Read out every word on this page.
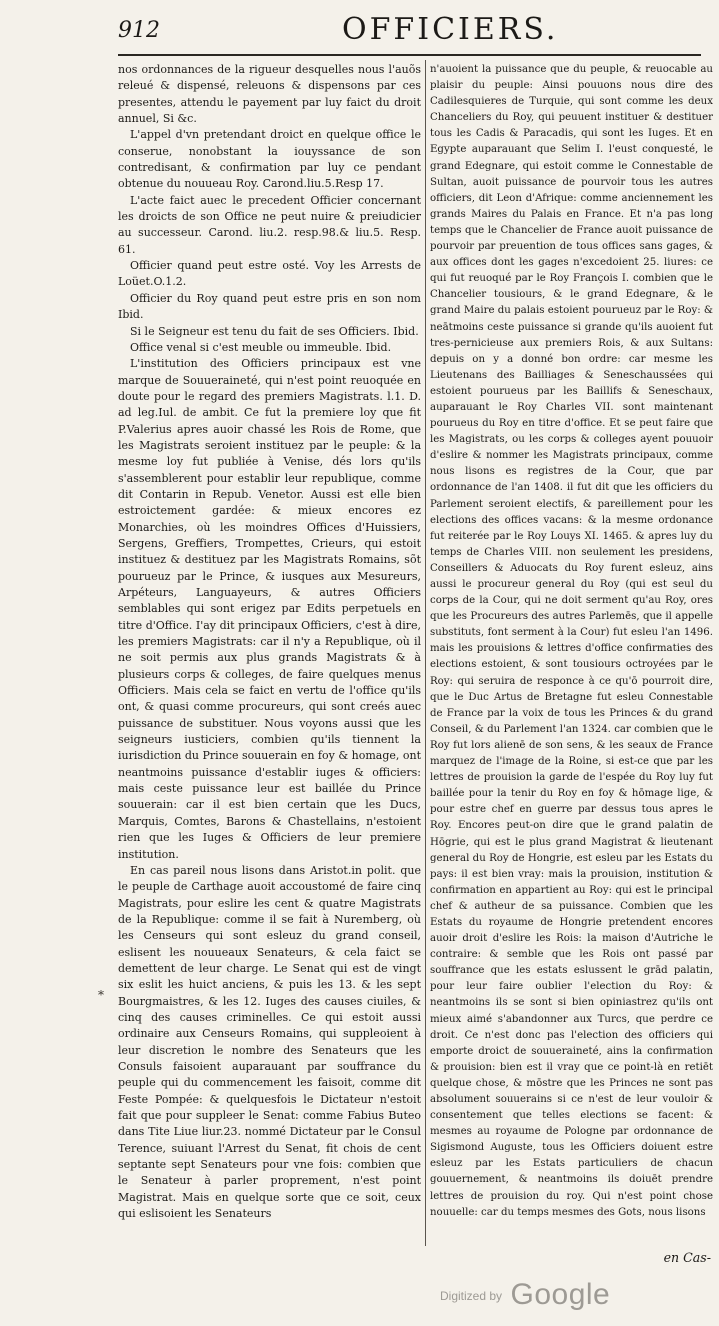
912	OFFICIERS.

nos ordonnances de la rigueur desquelles nous l'auõs releué & dispensé, releuons & dispensons par ces presentes, attendu le payement par luy faict du droit annuel, Si &c.

L'appel d'vn pretendant droict en quelque office le conserue, nonobstant la iouyssance de son contredisant, & confirmation par luy ce pendant obtenue du nouueau Roy. Carond.liu.5.Resp 17.

L'acte faict auec le precedent Officier concernant les droicts de son Office ne peut nuire & preiudicier au successeur. Carond. liu.2. resp.98.& liu.5. Resp. 61.

Officier quand peut estre osté. Voy les Arrests de Loüet.O.1.2.

Officier du Roy quand peut estre pris en son nom Ibid.

Si le Seigneur est tenu du fait de ses Officiers. Ibid.

Office venal si c'est meuble ou immeuble. Ibid.

L'institution des Officiers principaux est vne marque de Souueraineté, qui n'est point reuoquée en doute pour le regard des premiers Magistrats. l.1. D. ad leg.Iul. de ambit. Ce fut la premiere loy que fit P.Valerius apres auoir chassé les Rois de Rome, que les Magistrats seroient instituez par le peuple: & la mesme loy fut publiée à Venise, dés lors qu'ils s'assemblerent pour establir leur republique, comme dit Contarin in Repub. Venetor. Aussi est elle bien estroictement gardée: & mieux encores ez Monarchies, où les moindres Offices d'Huissiers, Sergens, Greffiers, Trompettes, Crieurs, qui estoit instituez & destituez par les Magistrats Romains, sõt pourueuz par le Prince, & iusques aux Mesureurs, Arpéteurs, Languayeurs, & autres Officiers semblables qui sont erigez par Edits perpetuels en titre d'Office. I'ay dit principaux Officiers, c'est à dire, les premiers Magistrats: car il n'y a Republique, où il ne soit permis aux plus grands Magistrats & à plusieurs corps & colleges, de faire quelques menus Officiers. Mais cela se faict en vertu de l'office qu'ils ont, & quasi comme procureurs, qui sont creés auec puissance de substituer. Nous voyons aussi que les seigneurs iusticiers, combien qu'ils tiennent la iurisdiction du Prince souuerain en foy & homage, ont neantmoins puissance d'establir iuges & officiers: mais ceste puissance leur est baillée du Prince souuerain: car il est bien certain que les Ducs, Marquis, Comtes, Barons & Chastellains, n'estoient rien que les Iuges & Officiers de leur premiere institution.

En cas pareil nous lisons dans Aristot.in polit. que le peuple de Carthage auoit accoustomé de faire cinq Magistrats, pour eslire les cent & quatre Magistrats de la Republique: comme il se fait à Nuremberg, où les Censeurs qui sont esleuz du grand conseil, eslisent les nouueaux Senateurs, & cela faict se demettent de leur charge. Le Senat qui est de vingt six eslit les huict anciens, & puis les 13. & les sept Bourgmaistres, & les 12. Iuges des causes ciuiles, & cinq des causes criminelles. Ce qui estoit aussi ordinaire aux Censeurs Romains, qui suppleoient à leur discretion le nombre des Senateurs que les Consuls faisoient auparauant par souffrance du peuple qui du commencement les faisoit, comme dit Feste Pompée: & quelquesfois le Dictateur n'estoit fait que pour suppleer le Senat: comme Fabius Buteo dans Tite Liue liur.23. nommé Dictateur par le Consul Terence, suiuant l'Arrest du Senat, fit chois de cent septante sept Senateurs pour vne fois: combien que le Senateur à parler proprement, n'est point Magistrat. Mais en quelque sorte que ce soit, ceux qui eslisoient les Senateurs

n'auoient la puissance que du peuple, & reuocable au plaisir du peuple: Ainsi pouuons nous dire des Cadilesquieres de Turquie, qui sont comme les deux Chanceliers du Roy, qui peuuent instituer & destituer tous les Cadis & Paracadis, qui sont les Iuges. Et en Egypte auparauant que Selim I. l'eust conquesté, le grand Edegnare, qui estoit comme le Connestable de Sultan, auoit puissance de pourvoir tous les autres officiers, dit Leon d'Afrique: comme anciennement les grands Maires du Palais en France. Et n'a pas long temps que le Chancelier de France auoit puissance de pourvoir par preuention de tous offices sans gages, & aux offices dont les gages n'excedoient 25. liures: ce qui fut reuoqué par le Roy François I. combien que le Chancelier tousiours, & le grand Edegnare, & le grand Maire du palais estoient pourueuz par le Roy: & neātmoins ceste puissance si grande qu'ils auoient fut tres-pernicieuse aux premiers Rois, & aux Sultans: depuis on y a donné bon ordre: car mesme les Lieutenans des Bailliages & Seneschaussées qui estoient pourueus par les Baillifs & Seneschaux, auparauant le Roy Charles VII. sont maintenant pourueus du Roy en titre d'office. Et se peut faire que les Magistrats, ou les corps & colleges ayent pouuoir d'eslire & nommer les Magistrats principaux, comme nous lisons es registres de la Cour, que par ordonnance de l'an 1408. il fut dit que les officiers du Parlement seroient electifs, & pareillement pour les elections des offices vacans: & la mesme ordonance fut reiterée par le Roy Louys XI. 1465. & apres luy du temps de Charles VIII. non seulement les presidens, Conseillers & Aduocats du Roy furent esleuz, ains aussi le procureur general du Roy (qui est seul du corps de la Cour, qui ne doit serment qu'au Roy, ores que les Procureurs des autres Parlemēs, que il appelle substituts, font serment à la Cour) fut esleu l'an 1496. mais les prouisions & lettres d'office confirmaties des elections estoient, & sont tousiours octroyées par le Roy: qui seruira de responce à ce qu'ō pourroit dire, que le Duc Artus de Bretagne fut esleu Connestable de France par la voix de tous les Princes & du grand Conseil, & du Parlement l'an 1324. car combien que le Roy fut lors alienē de son sens, & les seaux de France marquez de l'image de la Roine, si est-ce que par les lettres de prouision la garde de l'espée du Roy luy fut baillée pour la tenir du Roy en foy & hōmage lige, & pour estre chef en guerre par dessus tous apres le Roy. Encores peut-on dire que le grand palatin de Hōgrie, qui est le plus grand Magistrat & lieutenant general du Roy de Hongrie, est esleu par les Estats du pays: il est bien vray: mais la prouision, institution & confirmation en appartient au Roy: qui est le principal chef & autheur de sa puissance. Combien que les Estats du royaume de Hongrie pretendent encores auoir droit d'eslire les Rois: la maison d'Autriche le contraire: & semble que les Rois ont passé par souffrance que les estats eslussent le grād palatin, pour leur faire oublier l'election du Roy: & neantmoins ils se sont si bien opiniastrez qu'ils ont mieux aimé s'abandonner aux Turcs, que perdre ce droit. Ce n'est donc pas l'election des officiers qui emporte droict de souueraineté, ains la confirmation & prouision: bien est il vray que ce point-là en retiēt quelque chose, & mōstre que les Princes ne sont pas absolument souuerains si ce n'est de leur vouloir & consentement que telles elections se facent: & mesmes au royaume de Pologne par ordonnance de Sigismond Auguste, tous les Officiers doiuent estre esleuz par les Estats particuliers de chacun gouuernement, & neantmoins ils doiuēt prendre lettres de prouision du roy. Qui n'est point chose nouuelle: car du temps mesmes des Gots, nous lisons

*
en Cas-
$^{Digitized by}$ Google
